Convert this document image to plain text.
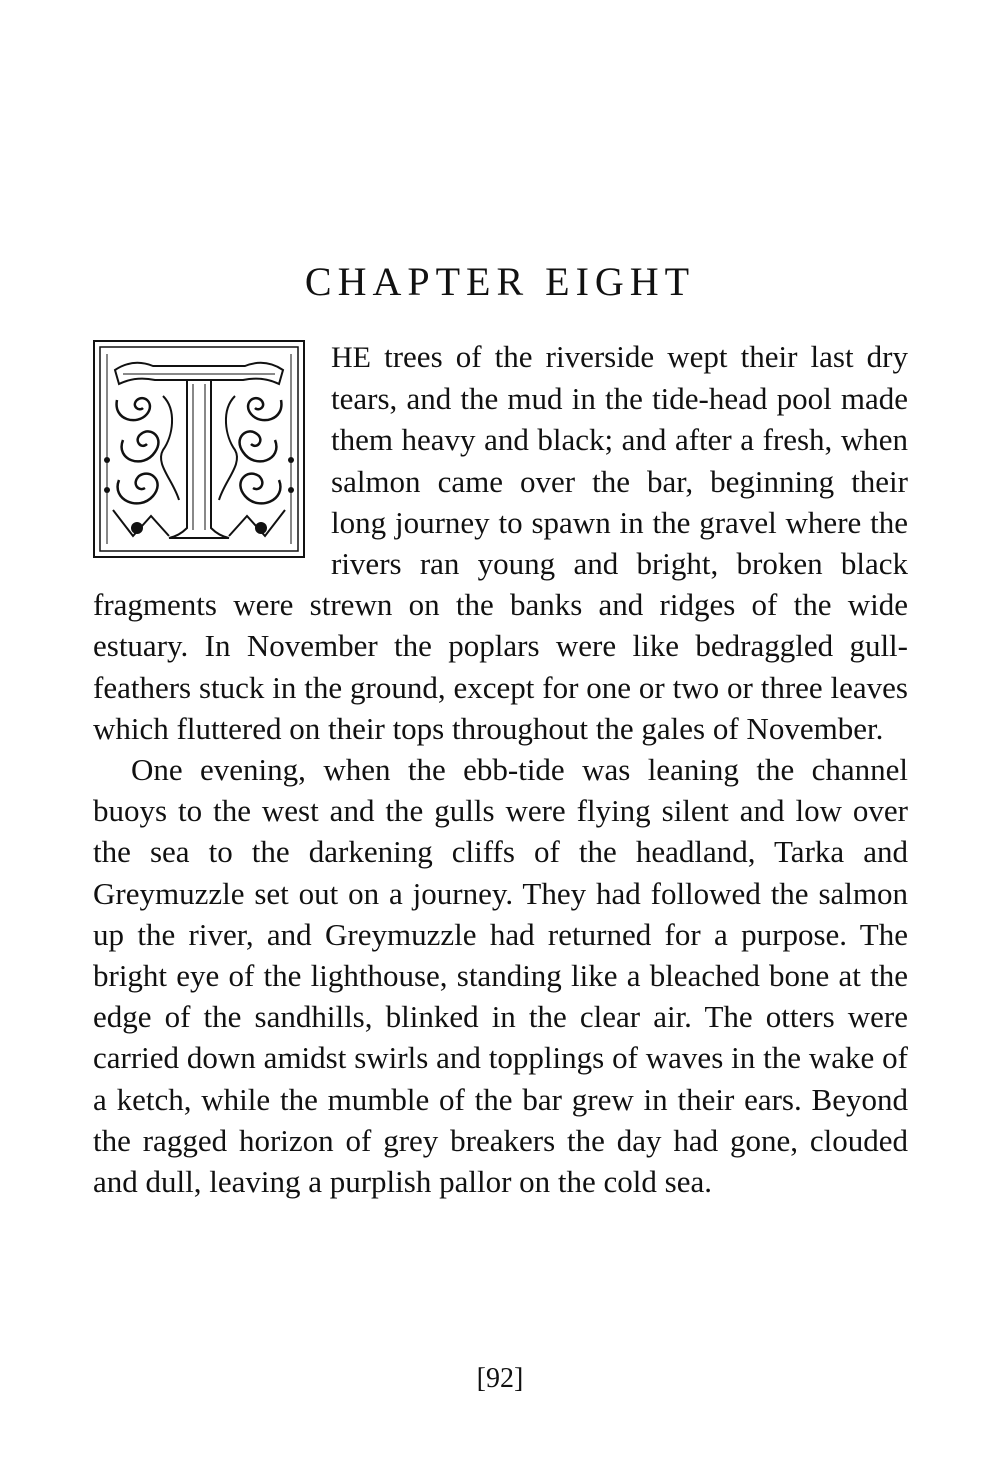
CHAPTER EIGHT

HE trees of the riverside wept their last dry tears, and the mud in the tide-head pool made them heavy and black; and after a fresh, when salmon came over the bar, beginning their long journey to spawn in the gravel where the rivers ran young and bright, broken black fragments were strewn on the banks and ridges of the wide estuary. In November the poplars were like bedraggled gull-feathers stuck in the ground, except for one or two or three leaves which fluttered on their tops throughout the gales of November.

One evening, when the ebb-tide was leaning the channel buoys to the west and the gulls were flying silent and low over the sea to the darkening cliffs of the headland, Tarka and Greymuzzle set out on a journey. They had followed the salmon up the river, and Greymuzzle had returned for a purpose. The bright eye of the lighthouse, standing like a bleached bone at the edge of the sandhills, blinked in the clear air. The otters were carried down amidst swirls and topplings of waves in the wake of a ketch, while the mumble of the bar grew in their ears. Beyond the ragged horizon of grey breakers the day had gone, clouded and dull, leaving a purplish pallor on the cold sea.

[92]
